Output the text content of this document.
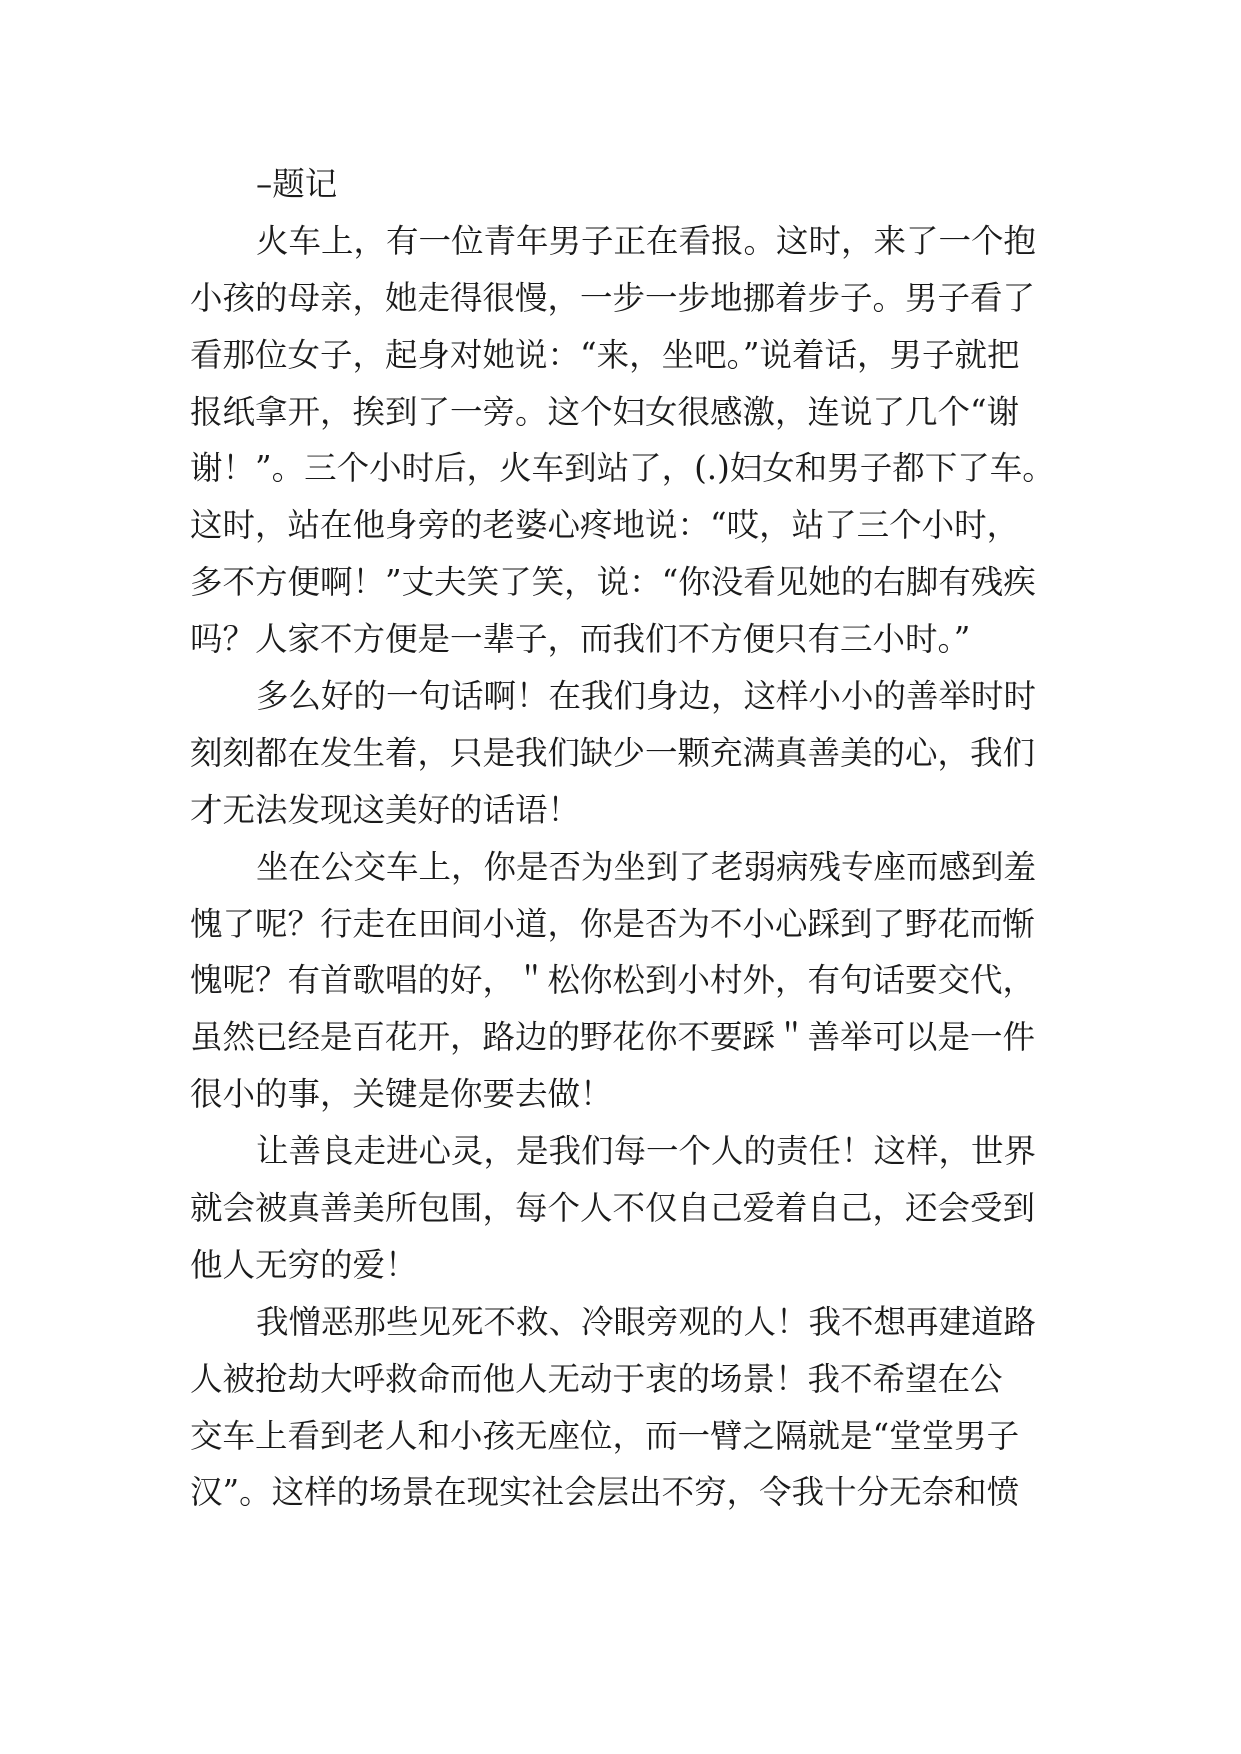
–题记
火车上，有一位青年男子正在看报。这时，来了一个抱
小孩的母亲，她走得很慢，一步一步地挪着步子。男子看了
看那位女子，起身对她说：“来，坐吧。”说着话，男子就把
报纸拿开，挨到了一旁。这个妇女很感激，连说了几个“谢
谢！”。三个小时后，火车到站了，(.)妇女和男子都下了车。
这时，站在他身旁的老婆心疼地说：“哎，站了三个小时，
多不方便啊！”丈夫笑了笑，说：“你没看见她的右脚有残疾
吗？人家不方便是一辈子，而我们不方便只有三小时。”
多么好的一句话啊！在我们身边，这样小小的善举时时
刻刻都在发生着，只是我们缺少一颗充满真善美的心，我们
才无法发现这美好的话语！
坐在公交车上，你是否为坐到了老弱病残专座而感到羞
愧了呢？行走在田间小道，你是否为不小心踩到了野花而惭
愧呢？有首歌唱的好，＂松你松到小村外，有句话要交代，
虽然已经是百花开，路边的野花你不要踩＂善举可以是一件
很小的事，关键是你要去做！
让善良走进心灵，是我们每一个人的责任！这样，世界
就会被真善美所包围，每个人不仅自己爱着自己，还会受到
他人无穷的爱！
我憎恶那些见死不救、冷眼旁观的人！我不想再建道路
人被抢劫大呼救命而他人无动于衷的场景！我不希望在公
交车上看到老人和小孩无座位，而一臂之隔就是“堂堂男子
汉”。这样的场景在现实社会层出不穷，令我十分无奈和愤
